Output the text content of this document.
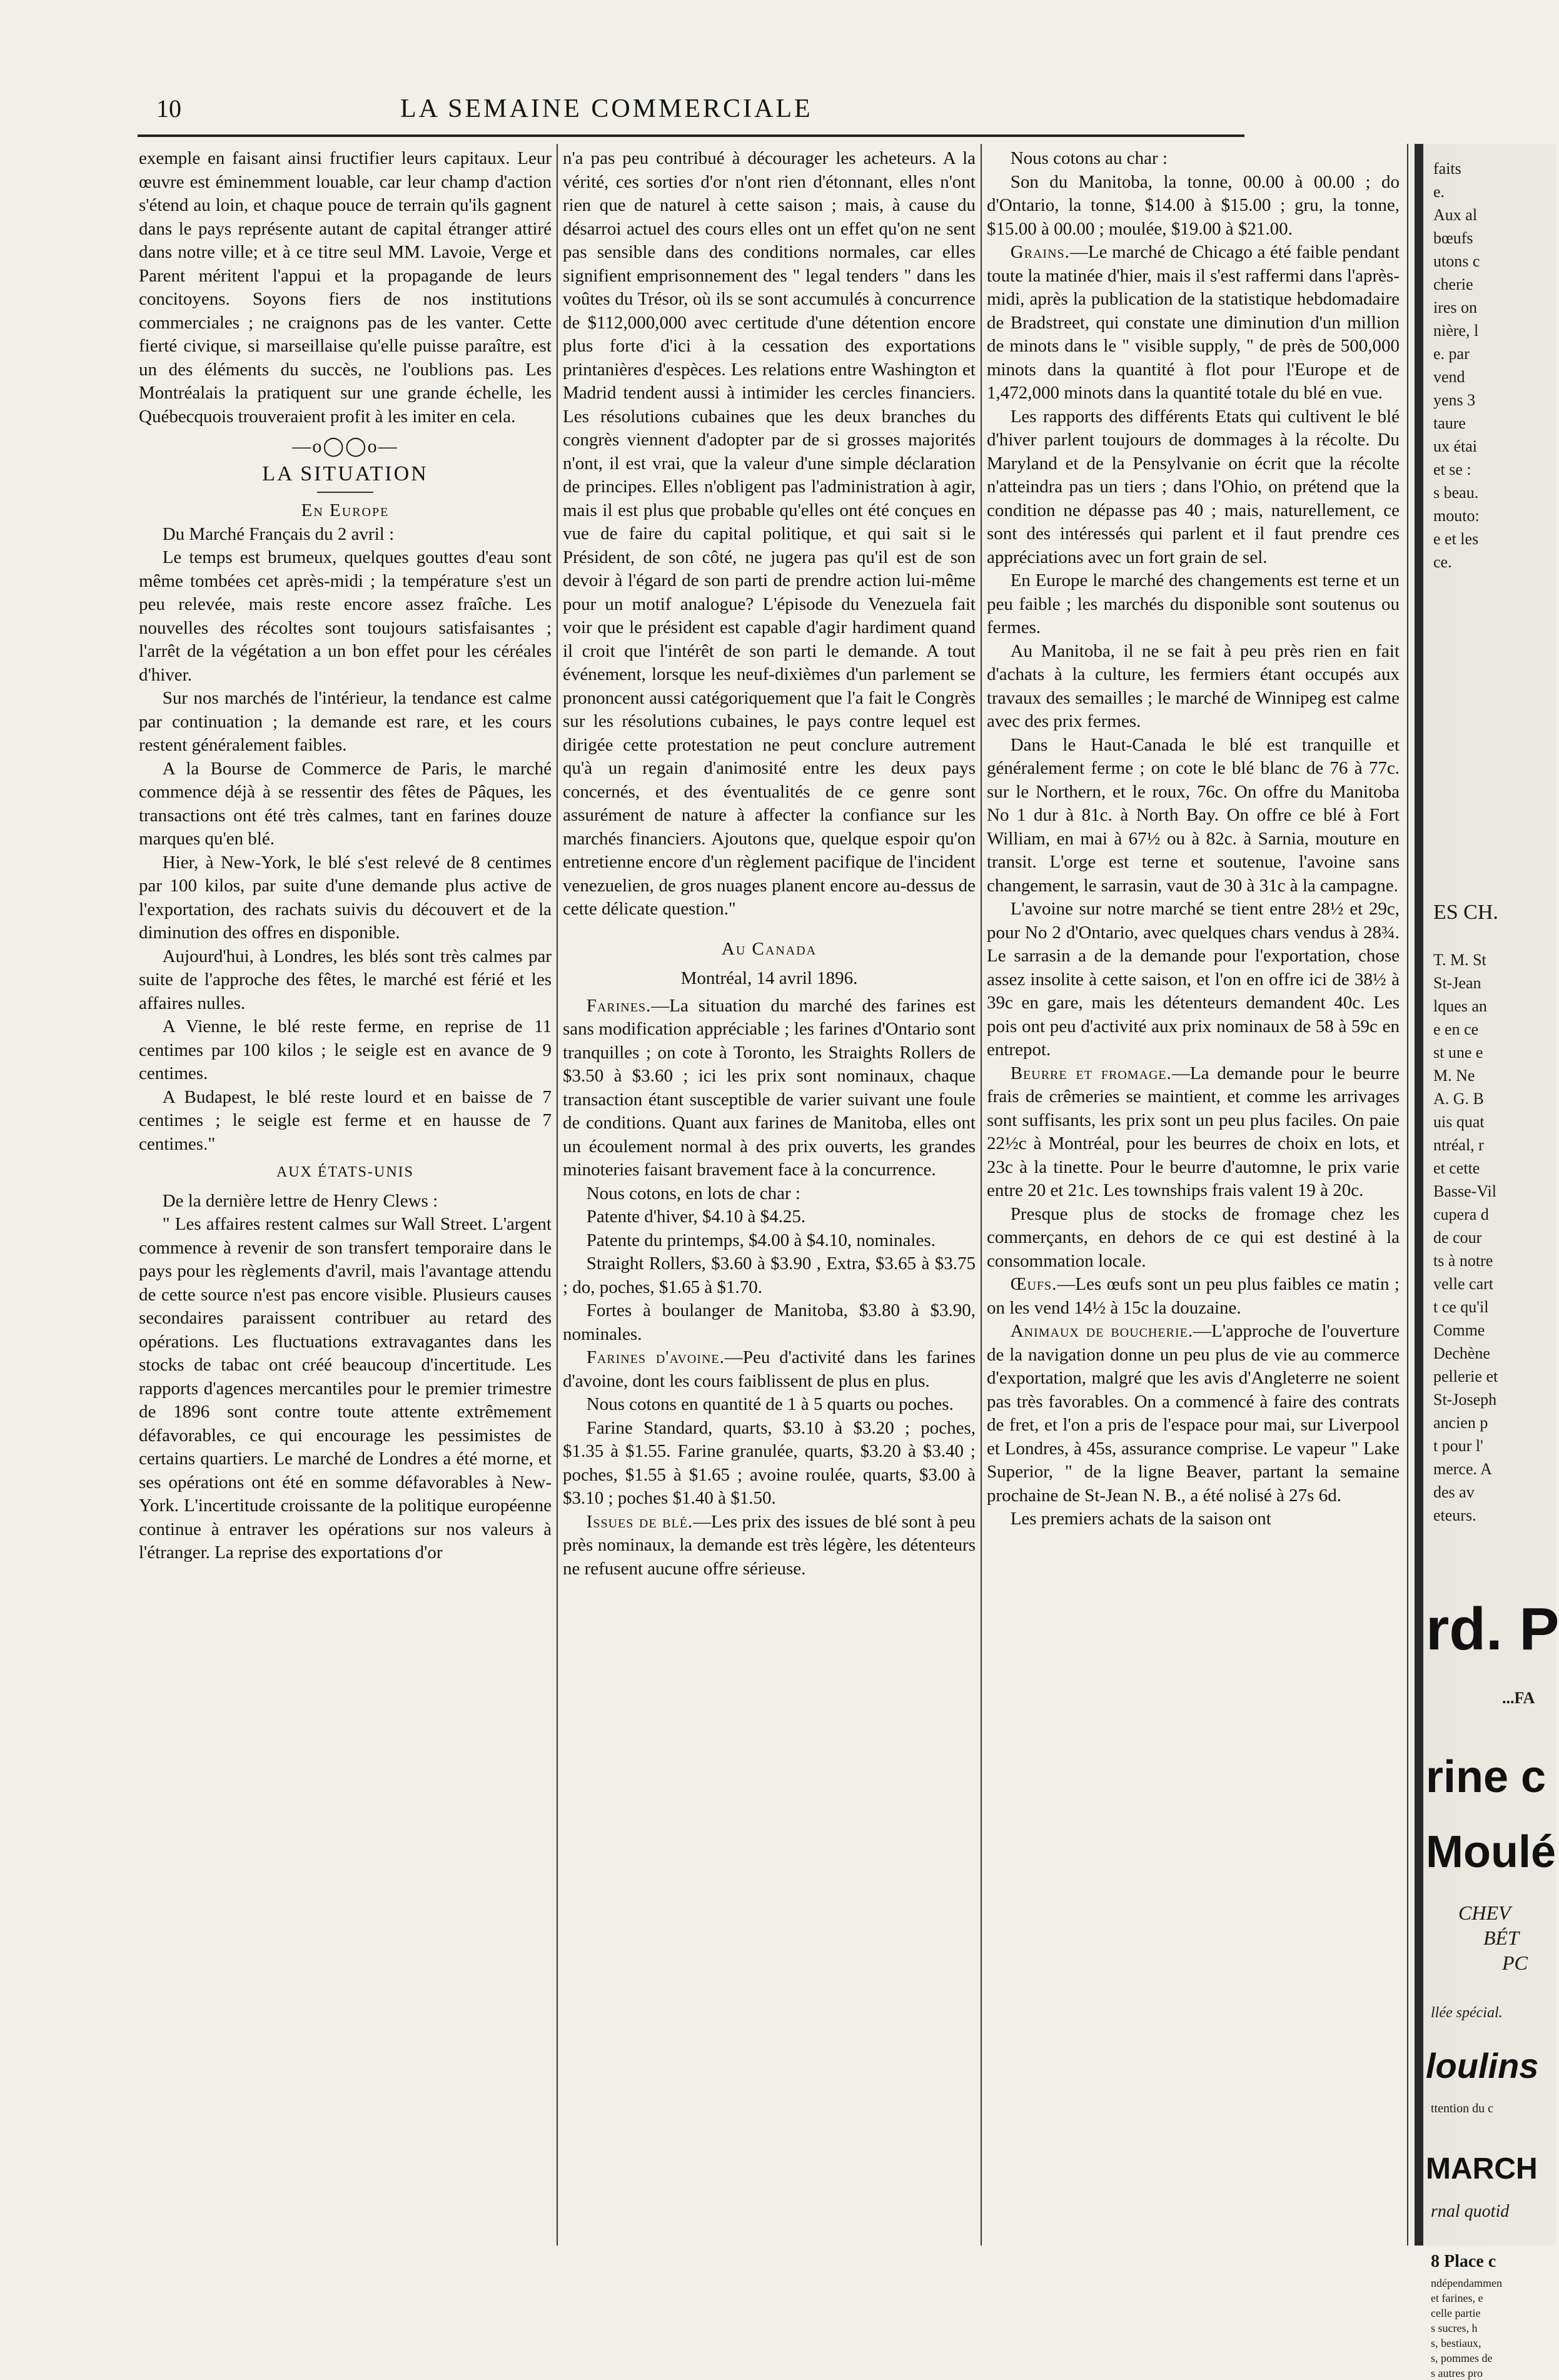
10	LA SEMAINE COMMERCIALE

exemple en faisant ainsi fructifier leurs capitaux. Leur œuvre est éminemment louable, car leur champ d'action s'étend au loin, et chaque pouce de terrain qu'ils gagnent dans le pays représente autant de capital étranger attiré dans notre ville; et à ce titre seul MM. Lavoie, Verge et Parent méritent l'appui et la propagande de leurs concitoyens. Soyons fiers de nos institutions commerciales ; ne craignons pas de les vanter. Cette fierté civique, si marseillaise qu'elle puisse paraître, est un des éléments du succès, ne l'oublions pas. Les Montréalais la pratiquent sur une grande échelle, les Québecquois trouveraient profit à les imiter en cela.

—o◯◯o—

LA SITUATION

En Europe

Du Marché Français du 2 avril :

Le temps est brumeux, quelques gouttes d'eau sont même tombées cet après-midi ; la température s'est un peu relevée, mais reste encore assez fraîche. Les nouvelles des récoltes sont toujours satisfaisantes ; l'arrêt de la végétation a un bon effet pour les céréales d'hiver.

Sur nos marchés de l'intérieur, la tendance est calme par continuation ; la demande est rare, et les cours restent généralement faibles.

A la Bourse de Commerce de Paris, le marché commence déjà à se ressentir des fêtes de Pâques, les transactions ont été très calmes, tant en farines douze marques qu'en blé.

Hier, à New-York, le blé s'est relevé de 8 centimes par 100 kilos, par suite d'une demande plus active de l'exportation, des rachats suivis du découvert et de la diminution des offres en disponible.

Aujourd'hui, à Londres, les blés sont très calmes par suite de l'approche des fêtes, le marché est férié et les affaires nulles.

A Vienne, le blé reste ferme, en reprise de 11 centimes par 100 kilos ; le seigle est en avance de 9 centimes.

A Budapest, le blé reste lourd et en baisse de 7 centimes ; le seigle est ferme et en hausse de 7 centimes."

AUX ÉTATS-UNIS

De la dernière lettre de Henry Clews :

" Les affaires restent calmes sur Wall Street. L'argent commence à revenir de son transfert temporaire dans le pays pour les règlements d'avril, mais l'avantage attendu de cette source n'est pas encore visible. Plusieurs causes secondaires paraissent contribuer au retard des opérations. Les fluctuations extravagantes dans les stocks de tabac ont créé beaucoup d'incertitude. Les rapports d'agences mercantiles pour le premier trimestre de 1896 sont contre toute attente extrêmement défavorables, ce qui encourage les pessimistes de certains quartiers. Le marché de Londres a été morne, et ses opérations ont été en somme défavorables à New-York. L'incertitude croissante de la politique européenne continue à entraver les opérations sur nos valeurs à l'étranger. La reprise des exportations d'or

n'a pas peu contribué à décourager les acheteurs. A la vérité, ces sorties d'or n'ont rien d'étonnant, elles n'ont rien que de naturel à cette saison ; mais, à cause du désarroi actuel des cours elles ont un effet qu'on ne sent pas sensible dans des conditions normales, car elles signifient emprisonnement des " legal tenders " dans les voûtes du Trésor, où ils se sont accumulés à concurrence de $112,000,000 avec certitude d'une détention encore plus forte d'ici à la cessation des exportations printanières d'espèces. Les relations entre Washington et Madrid tendent aussi à intimider les cercles financiers. Les résolutions cubaines que les deux branches du congrès viennent d'adopter par de si grosses majorités n'ont, il est vrai, que la valeur d'une simple déclaration de principes. Elles n'obligent pas l'administration à agir, mais il est plus que probable qu'elles ont été conçues en vue de faire du capital politique, et qui sait si le Président, de son côté, ne jugera pas qu'il est de son devoir à l'égard de son parti de prendre action lui-même pour un motif analogue? L'épisode du Venezuela fait voir que le président est capable d'agir hardiment quand il croit que l'intérêt de son parti le demande. A tout événement, lorsque les neuf-dixièmes d'un parlement se prononcent aussi catégoriquement que l'a fait le Congrès sur les résolutions cubaines, le pays contre lequel est dirigée cette protestation ne peut conclure autrement qu'à un regain d'animosité entre les deux pays concernés, et des éventualités de ce genre sont assurément de nature à affecter la confiance sur les marchés financiers. Ajoutons que, quelque espoir qu'on entretienne encore d'un règlement pacifique de l'incident venezuelien, de gros nuages planent encore au-dessus de cette délicate question."

Au Canada

Montréal, 14 avril 1896.

Farines.—La situation du marché des farines est sans modification appréciable ; les farines d'Ontario sont tranquilles ; on cote à Toronto, les Straights Rollers de $3.50 à $3.60 ; ici les prix sont nominaux, chaque transaction étant susceptible de varier suivant une foule de conditions. Quant aux farines de Manitoba, elles ont un écoulement normal à des prix ouverts, les grandes minoteries faisant bravement face à la concurrence.

Nous cotons, en lots de char :

Patente d'hiver, $4.10 à $4.25.

Patente du printemps, $4.00 à $4.10, nominales.

Straight Rollers, $3.60 à $3.90 , Extra, $3.65 à $3.75 ; do, poches, $1.65 à $1.70.

Fortes à boulanger de Manitoba, $3.80 à $3.90, nominales.

Farines d'avoine.—Peu d'activité dans les farines d'avoine, dont les cours faiblissent de plus en plus.

Nous cotons en quantité de 1 à 5 quarts ou poches.

Farine Standard, quarts, $3.10 à $3.20 ; poches, $1.35 à $1.55. Farine granulée, quarts, $3.20 à $3.40 ; poches, $1.55 à $1.65 ; avoine roulée, quarts, $3.00 à $3.10 ; poches $1.40 à $1.50.

Issues de blé.—Les prix des issues de blé sont à peu près nominaux, la demande est très légère, les détenteurs ne refusent aucune offre sérieuse.

Nous cotons au char :

Son du Manitoba, la tonne, 00.00 à 00.00 ; do d'Ontario, la tonne, $14.00 à $15.00 ; gru, la tonne, $15.00 à 00.00 ; moulée, $19.00 à $21.00.

Grains.—Le marché de Chicago a été faible pendant toute la matinée d'hier, mais il s'est raffermi dans l'après-midi, après la publication de la statistique hebdomadaire de Bradstreet, qui constate une diminution d'un million de minots dans le " visible supply, " de près de 500,000 minots dans la quantité à flot pour l'Europe et de 1,472,000 minots dans la quantité totale du blé en vue.

Les rapports des différents Etats qui cultivent le blé d'hiver parlent toujours de dommages à la récolte. Du Maryland et de la Pensylvanie on écrit que la récolte n'atteindra pas un tiers ; dans l'Ohio, on prétend que la condition ne dépasse pas 40 ; mais, naturellement, ce sont des intéressés qui parlent et il faut prendre ces appréciations avec un fort grain de sel.

En Europe le marché des changements est terne et un peu faible ; les marchés du disponible sont soutenus ou fermes.

Au Manitoba, il ne se fait à peu près rien en fait d'achats à la culture, les fermiers étant occupés aux travaux des semailles ; le marché de Winnipeg est calme avec des prix fermes.

Dans le Haut-Canada le blé est tranquille et généralement ferme ; on cote le blé blanc de 76 à 77c. sur le Northern, et le roux, 76c. On offre du Manitoba No 1 dur à 81c. à North Bay. On offre ce blé à Fort William, en mai à 67½ ou à 82c. à Sarnia, mouture en transit. L'orge est terne et soutenue, l'avoine sans changement, le sarrasin, vaut de 30 à 31c à la campagne.

L'avoine sur notre marché se tient entre 28½ et 29c, pour No 2 d'Ontario, avec quelques chars vendus à 28¾. Le sarrasin a de la demande pour l'exportation, chose assez insolite à cette saison, et l'on en offre ici de 38½ à 39c en gare, mais les détenteurs demandent 40c. Les pois ont peu d'activité aux prix nominaux de 58 à 59c en entrepot.

Beurre et fromage.—La demande pour le beurre frais de crêmeries se maintient, et comme les arrivages sont suffisants, les prix sont un peu plus faciles. On paie 22½c à Montréal, pour les beurres de choix en lots, et 23c à la tinette. Pour le beurre d'automne, le prix varie entre 20 et 21c. Les townships frais valent 19 à 20c.

Presque plus de stocks de fromage chez les commerçants, en dehors de ce qui est destiné à la consommation locale.

Œufs.—Les œufs sont un peu plus faibles ce matin ; on les vend 14½ à 15c la douzaine.

Animaux de boucherie.—L'approche de l'ouverture de la navigation donne un peu plus de vie au commerce d'exportation, malgré que les avis d'Angleterre ne soient pas très favorables. On a commencé à faire des contrats de fret, et l'on a pris de l'espace pour mai, sur Liverpool et Londres, à 45s, assurance comprise. Le vapeur " Lake Superior, " de la ligne Beaver, partant la semaine prochaine de St-Jean N. B., a été nolisé à 27s 6d.

Les premiers achats de la saison ont

faits
e.
Aux al
bœufs
utons c
cherie
ires on
nière, l
e. par
vend
yens 3
taure
ux étai
et se :
s beau.
mouto:
e et les
ce.
ES CH.
T. M. St
St-Jean
lques an
e en ce
st une e
M. Ne
A. G. B
uis quat
ntréal, r
et cette
Basse-Vil
cupera d
de cour
ts à notre
velle cart
t ce qu'il
Comme
Dechène
pellerie et
St-Joseph
ancien p
t pour l'
merce. A
des av
eteurs.
rd. P
...FA
rine c
Moulé
CHEV
BÉT
PC
llée spécial.
loulins
ttention du c
MARCH
rnal quotid
8 Place c
ndépendammen
et farines, e
celle partie
s sucres, h
s, bestiaux,
s, pommes de
s autres pro
